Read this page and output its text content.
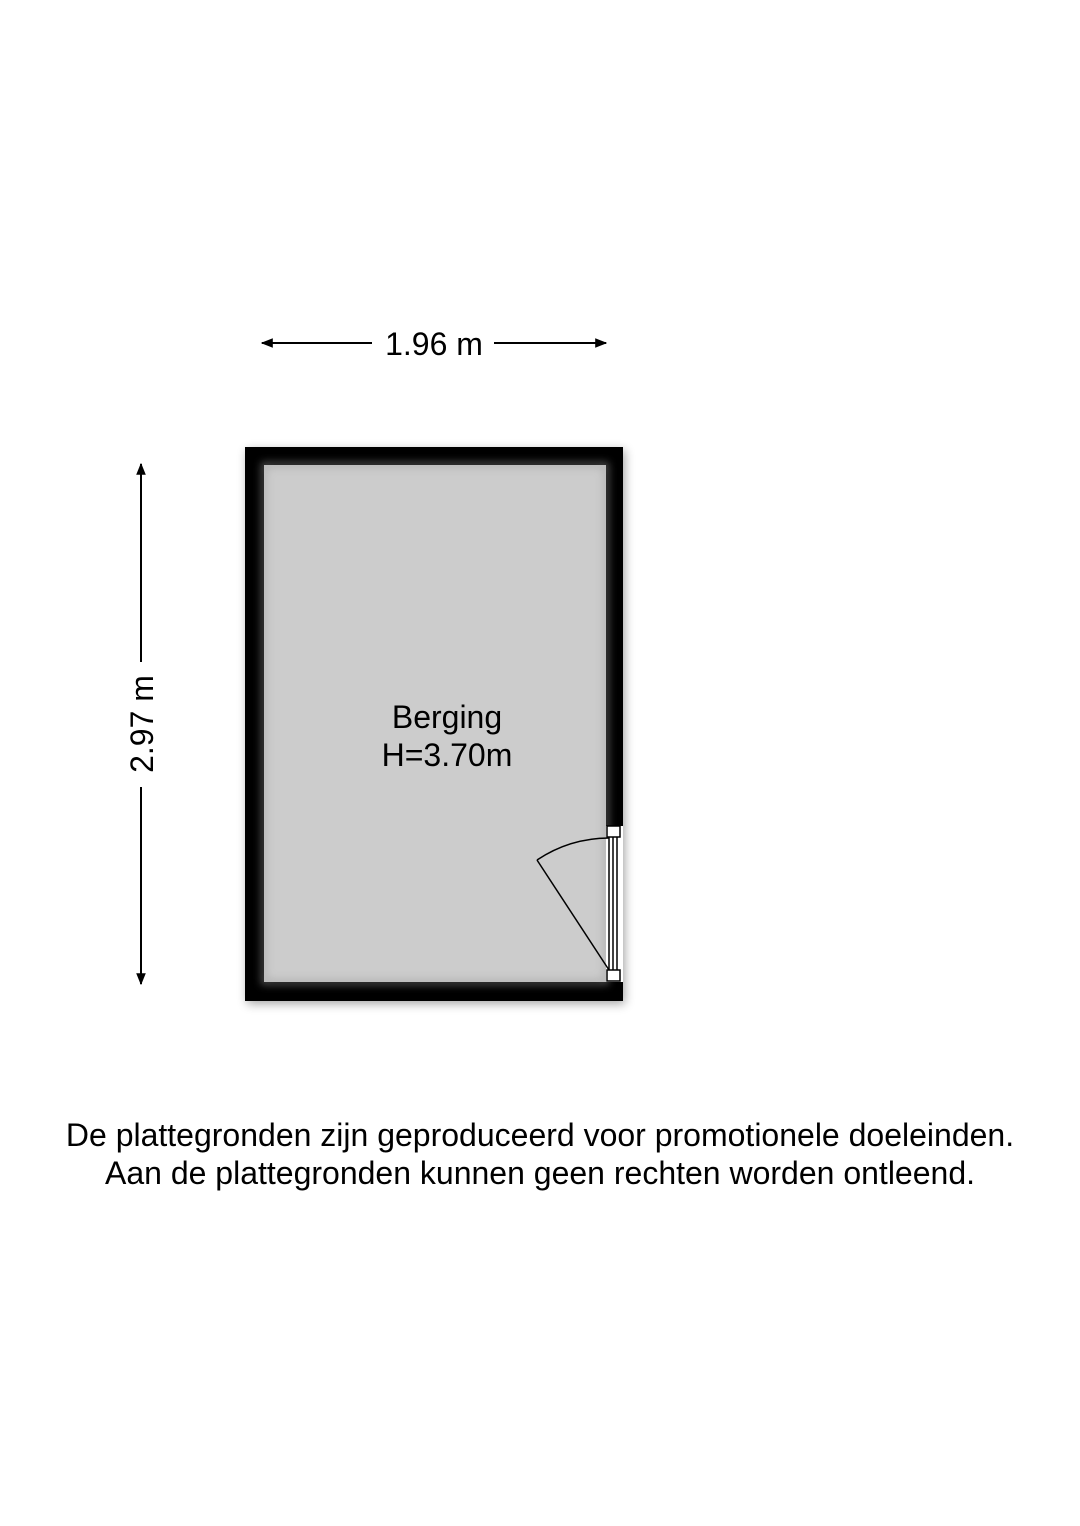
1.96 m
2.97 m	Berging
H=3.70m
De plattegronden zijn geproduceerd voor promotionele doeleinden.
Aan de plattegronden kunnen geen rechten worden ontleend.
